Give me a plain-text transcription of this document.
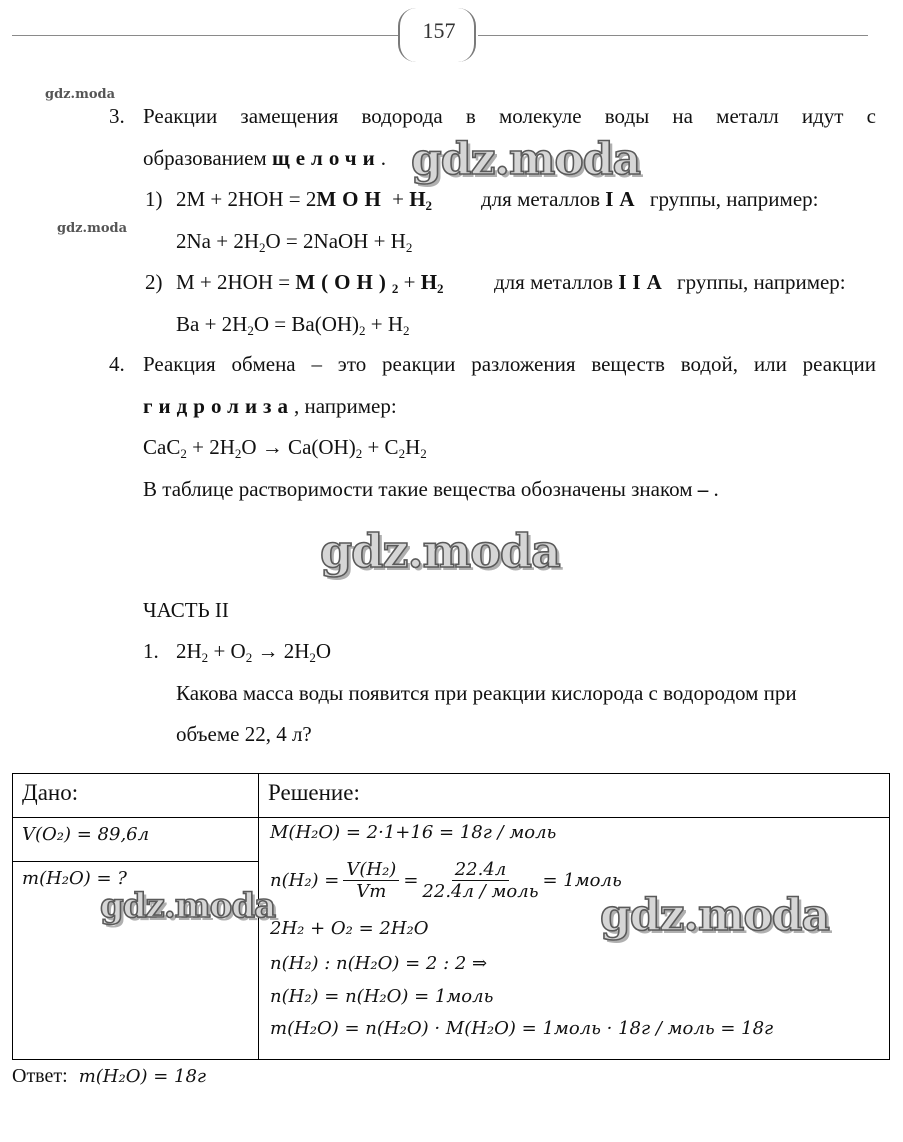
157
gdz.moda
gdz.moda
3. Реакции замещения водорода в молекуле воды на металл идут с
образованием щелочи. gdz.moda
1) $2M + 2HOH = 2MOH + H_2$ для металлов IA группы, например:
$2Na + 2H_2O$ = 2NaOH + $H_2$
2) $M + 2HOH = M(OH)_2 + H_2$ для металлов IIA группы, например:
$Ba + 2H_2O = Ba(OH)_2 + H_2$
4. Реакция обмена – это реакции разложения веществ водой, или реакции
гидролиза, например:
$CaC_2 + 2H_2O \to Ca(OH)_2 + C_2H_2$
В таблице растворимости такие вещества обозначены знаком – .
gdz.moda
ЧАСТЬ II
1. $2H_2 + O_2 \to 2H_2O$
Какова масса воды появится при реакции кислорода с водородом при
объеме 22, 4 л?
Дано:	Решение:
V(O₂) = 89,6л
m(H₂O) = ?
M(H₂O) = 2·1+16 = 18г / моль
$n(H_2) = \frac{\text{V(H₂)}}{Vm} = \frac{22.4л}{\text{22.4л / моль}}$ = 1моль
2H₂ + O₂ = 2H₂O
n(H₂) : n(H₂O) = 2 : 2 ⇒
n(H₂) = n(H₂O) = 1моль
m(H₂O) = n(H₂O) · M(H₂O) = 1моль · 18г / моль = 18г
gdz.moda	gdz.moda
Ответ: m(H₂O) = 18г
